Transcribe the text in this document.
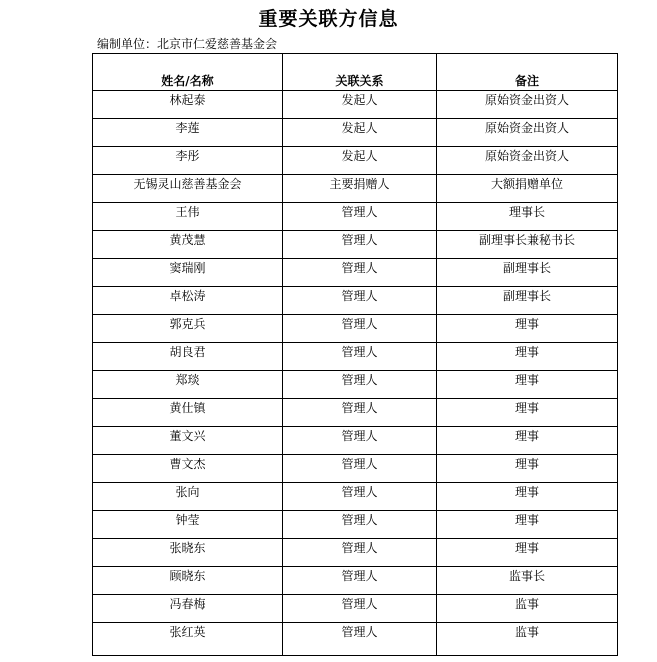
重要关联方信息
编制单位：北京市仁爱慈善基金会
姓名/名称	关联关系	备注
林起泰	发起人	原始资金出资人
李莲	发起人	原始资金出资人
李彤	发起人	原始资金出资人
无锡灵山慈善基金会	主要捐赠人	大额捐赠单位
王伟	管理人	理事长
黄茂慧	管理人	副理事长兼秘书长
窦瑞刚	管理人	副理事长
卓松涛	管理人	副理事长
郭克兵	管理人	理事
胡良君	管理人	理事
郑琰	管理人	理事
黄仕镇	管理人	理事
董文兴	管理人	理事
曹文杰	管理人	理事
张向	管理人	理事
钟莹	管理人	理事
张晓东	管理人	理事
顾晓东	管理人	监事长
冯春梅	管理人	监事
张红英	管理人	监事
